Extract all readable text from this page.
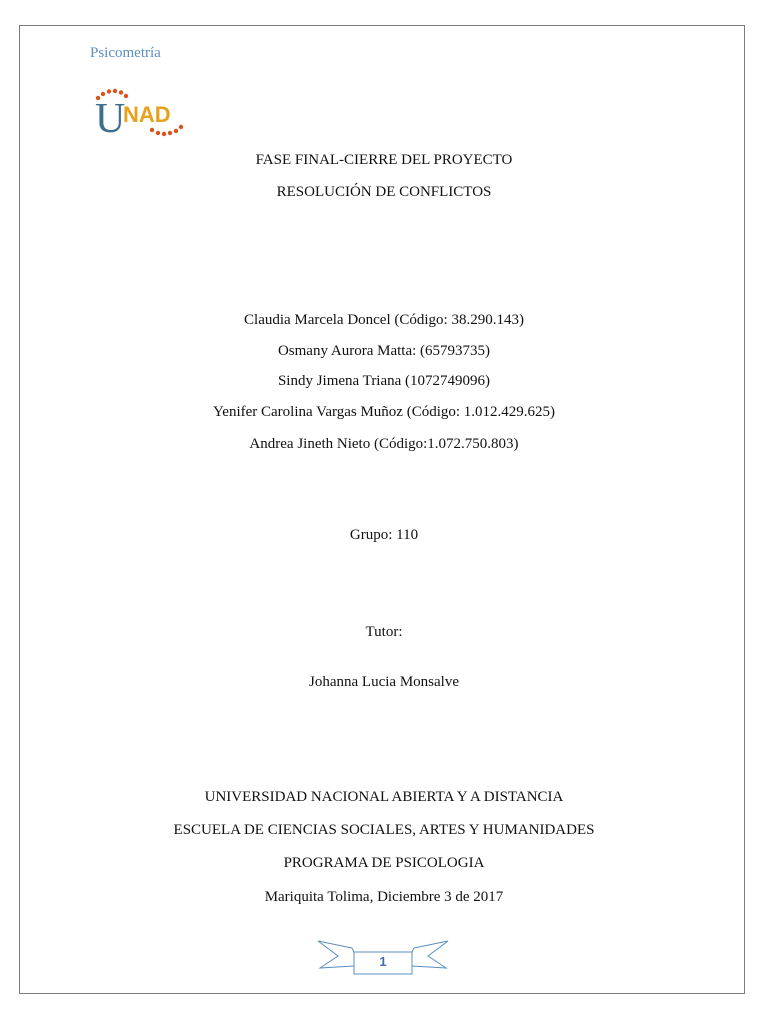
Psicometría
U
NAD
FASE FINAL-CIERRE DEL PROYECTO
RESOLUCIÓN DE CONFLICTOS
Claudia Marcela Doncel (Código: 38.290.143)
Osmany Aurora Matta: (65793735)
Sindy Jimena Triana (1072749096)
Yenifer Carolina Vargas Muñoz (Código: 1.012.429.625)
Andrea Jineth Nieto (Código:1.072.750.803)
Grupo: 110
Tutor:
Johanna Lucia Monsalve
UNIVERSIDAD NACIONAL ABIERTA Y A DISTANCIA
ESCUELA DE CIENCIAS SOCIALES, ARTES Y HUMANIDADES
PROGRAMA DE PSICOLOGIA
Mariquita Tolima, Diciembre 3 de 2017
1
